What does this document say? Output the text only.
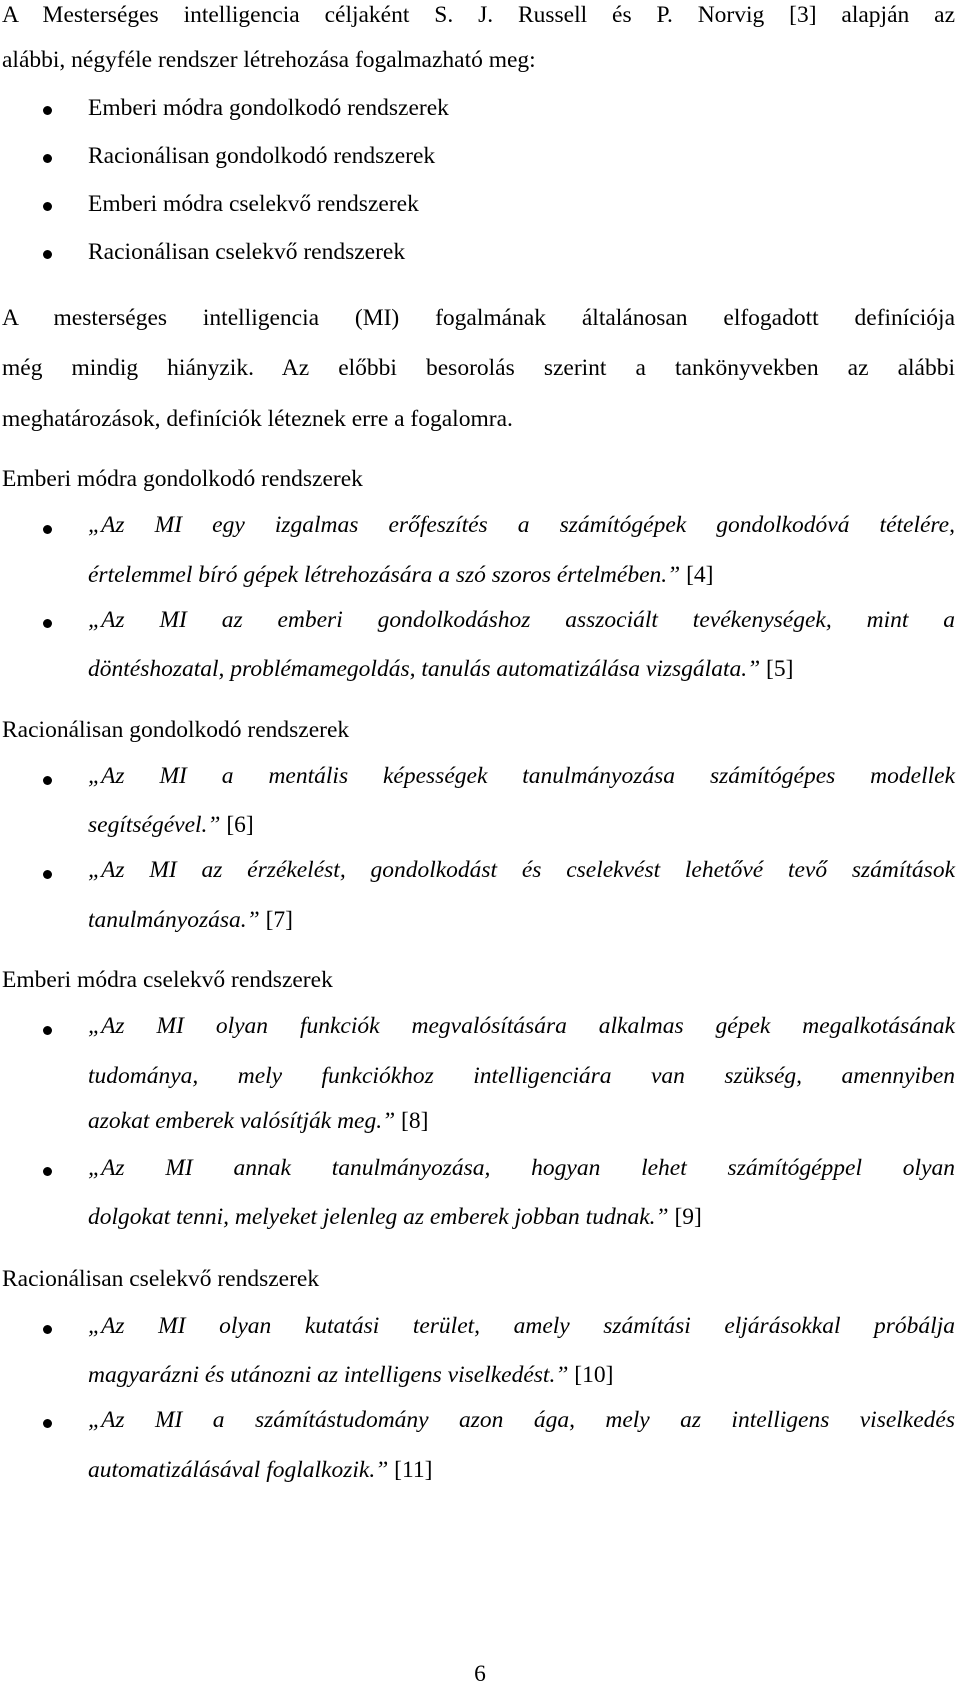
A Mesterséges intelligencia céljaként S. J. Russell és P. Norvig [3] alapján az
alábbi, négyféle rendszer létrehozása fogalmazható meg:
Emberi módra gondolkodó rendszerek
Racionálisan gondolkodó rendszerek
Emberi módra cselekvő rendszerek
Racionálisan cselekvő rendszerek
A mesterséges intelligencia (MI) fogalmának általánosan elfogadott definíciója
még mindig hiányzik. Az előbbi besorolás szerint a tankönyvekben az alábbi
meghatározások, definíciók léteznek erre a fogalomra.
Emberi módra gondolkodó rendszerek
„Az MI egy izgalmas erőfeszítés a számítógépek gondolkodóvá tételére,
értelemmel bíró gépek létrehozására a szó szoros értelmében.” [4]
„Az MI az emberi gondolkodáshoz asszociált tevékenységek, mint a
döntéshozatal, problémamegoldás, tanulás automatizálása vizsgálata.” [5]
Racionálisan gondolkodó rendszerek
„Az MI a mentális képességek tanulmányozása számítógépes modellek
segítségével.” [6]
„Az MI az érzékelést, gondolkodást és cselekvést lehetővé tevő számítások
tanulmányozása.” [7]
Emberi módra cselekvő rendszerek
„Az MI olyan funkciók megvalósítására alkalmas gépek megalkotásának
tudománya, mely funkciókhoz intelligenciára van szükség, amennyiben
azokat emberek valósítják meg.” [8]
„Az MI annak tanulmányozása, hogyan lehet számítógéppel olyan
dolgokat tenni, melyeket jelenleg az emberek jobban tudnak.” [9]
Racionálisan cselekvő rendszerek
„Az MI olyan kutatási terület, amely számítási eljárásokkal próbálja
magyarázni és utánozni az intelligens viselkedést.” [10]
„Az MI a számítástudomány azon ága, mely az intelligens viselkedés
automatizálásával foglalkozik.” [11]
6
